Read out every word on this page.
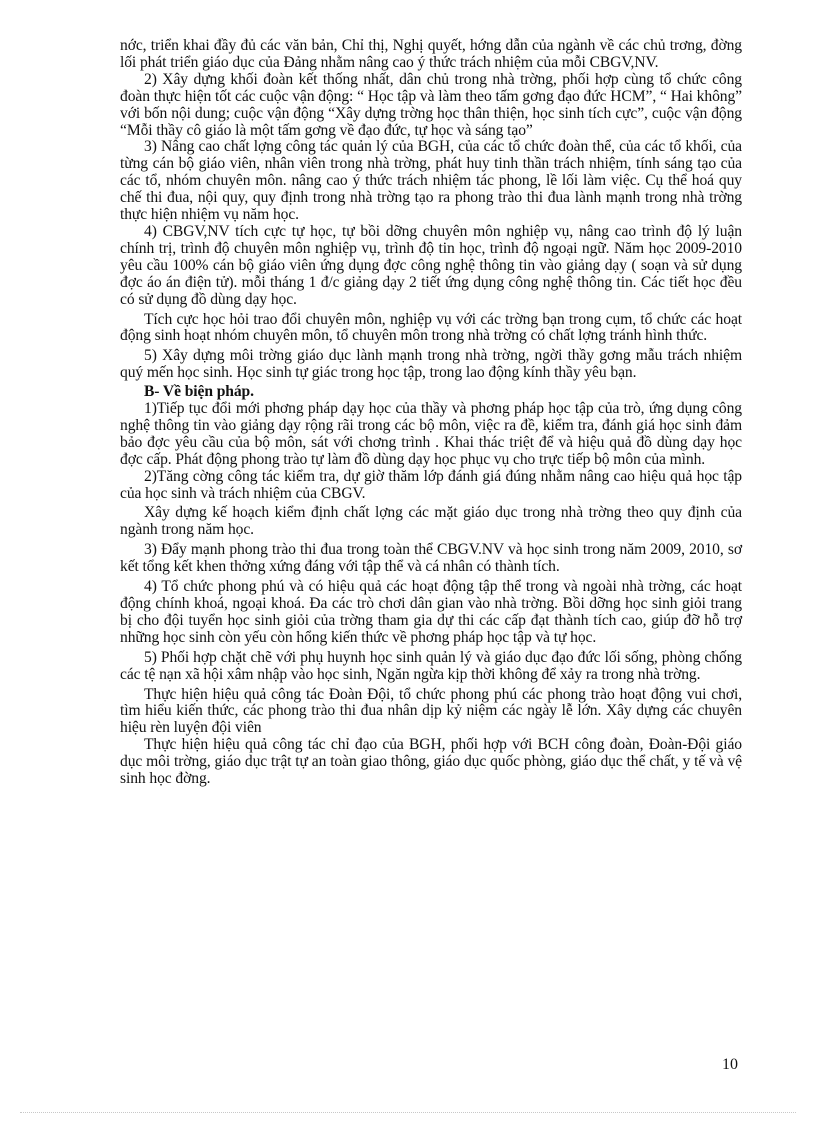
nớc, triển khai đầy đủ các văn bản, Chỉ thị, Nghị quyết, hớng dẫn của ngành về các chủ trơng, đờng lối phát triển giáo dục của Đảng nhằm nâng cao ý thức trách nhiệm của mỗi CBGV,NV.

2) Xây dựng khối đoàn kết thống nhất, dân chủ trong nhà trờng, phối hợp cùng tổ chức công đoàn thực hiện tốt các cuộc vận động: “ Học tập và làm theo tấm gơng đạo đức HCM”, “ Hai không” với bốn nội dung; cuộc vận động “Xây dựng trờng học thân thiện, học sinh tích cực”, cuộc vận động “Mỗi thầy cô giáo là một tấm gơng về đạo đức, tự học và sáng tạo”

3) Nâng cao chất lợng công tác quản lý của BGH, của các tổ chức đoàn thể, của các tổ khối, của từng cán bộ giáo viên, nhân viên trong nhà trờng, phát huy tinh thần trách nhiệm, tính sáng tạo của các tổ, nhóm chuyên môn. nâng cao ý thức trách nhiệm tác phong, lề lối làm việc. Cụ thể hoá quy chế thi đua, nội quy, quy định trong nhà trờng tạo ra phong trào thi đua lành mạnh trong nhà trờng thực hiện nhiệm vụ năm học.

4) CBGV,NV tích cực tự học, tự bồi dỡng chuyên môn nghiệp vụ, nâng cao trình độ lý luận chính trị, trình độ chuyên môn nghiệp vụ, trình độ tin học, trình độ ngoại ngữ. Năm học 2009-2010 yêu cầu 100% cán bộ giáo viên ứng dụng đợc công nghệ thông tin vào giảng dạy ( soạn và sử dụng đợc áo án điện tử). mỗi tháng 1 đ/c giảng dạy 2 tiết ứng dụng công nghệ thông tin. Các tiết học đều có sử dụng đồ dùng dạy học.

Tích cực học hỏi trao đổi chuyên môn, nghiệp vụ với các trờng bạn trong cụm, tổ chức các hoạt động sinh hoạt nhóm chuyên môn, tổ chuyên môn trong nhà trờng có chất lợng tránh hình thức.

5) Xây dựng môi trờng giáo dục lành mạnh trong nhà trờng, ngời thầy gơng mẫu trách nhiệm quý mến học sinh. Học sinh tự giác trong học tập, trong lao động kính thầy yêu bạn.

B- Về biện pháp.

1)Tiếp tục đổi mới phơng pháp dạy học của thầy và phơng pháp học tập của trò, ứng dụng công nghệ thông tin vào giảng dạy rộng rãi trong các bộ môn, việc ra đề, kiểm tra, đánh giá học sinh đảm bảo đợc yêu cầu của bộ môn, sát với chơng trình . Khai thác triệt để và hiệu quả đồ dùng dạy học đợc cấp. Phát động phong trào tự làm đồ dùng dạy học phục vụ cho trực tiếp bộ môn của mình.

2)Tăng cờng công tác kiểm tra, dự giờ thăm lớp đánh giá đúng nhằm nâng cao hiệu quả học tập của học sinh và trách nhiệm của CBGV.

Xây dựng kế hoạch kiểm định chất lợng các mặt giáo dục trong nhà trờng theo quy định của ngành trong năm học.

3) Đẩy mạnh phong trào thi đua trong toàn thể CBGV.NV và học sinh trong năm 2009, 2010, sơ kết tổng kết khen thởng xứng đáng với tập thể và cá nhân có thành tích.

4) Tổ chức phong phú và có hiệu quả các hoạt động tập thể trong và ngoài nhà trờng, các hoạt động chính khoá, ngoại khoá. Đa các trò chơi dân gian vào nhà trờng. Bồi dỡng học sinh giỏi trang bị cho đội tuyển học sinh giỏi của trờng tham gia dự thi các cấp đạt thành tích cao, giúp đỡ hỗ trợ những học sinh còn yếu còn hổng kiến thức về phơng pháp học tập và tự học.

5) Phối hợp chặt chẽ với phụ huynh học sinh quản lý và giáo dục đạo đức lối sống, phòng chống các tệ nạn xã hội xâm nhập vào học sinh, Ngăn ngừa kịp thời không để xảy ra trong nhà trờng.

Thực hiện hiệu quả công tác Đoàn Đội, tổ chức phong phú các phong trào hoạt động vui chơi, tìm hiểu kiến thức, các phong trào thi đua nhân dịp kỷ niệm các ngày lễ lớn. Xây dựng các chuyên hiệu rèn luyện đội viên

Thực hiện hiệu quả công tác chỉ đạo của BGH, phối hợp với BCH công đoàn, Đoàn-Đội giáo dục môi trờng, giáo dục trật tự an toàn giao thông, giáo dục quốc phòng, giáo dục thể chất, y tế và vệ sinh học đờng.

10
